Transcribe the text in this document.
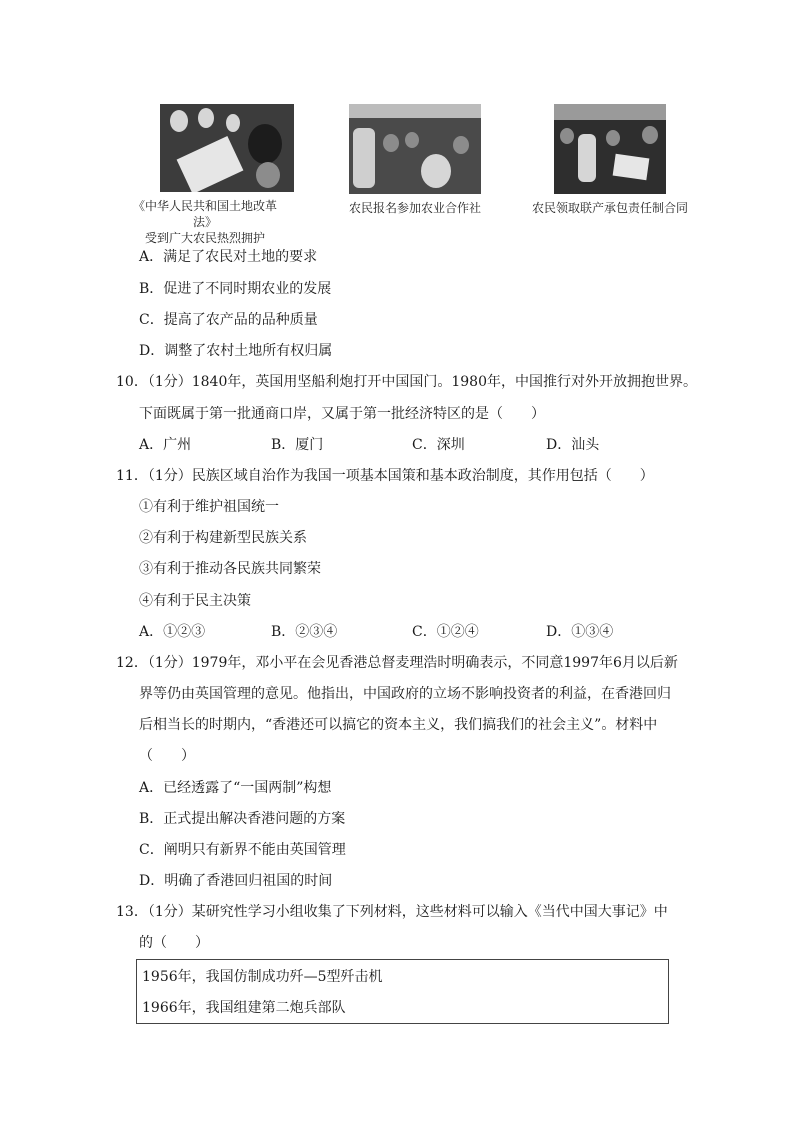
《中华人民共和国土地改革法》
受到广大农民热烈拥护
农民报名参加农业合作社	农民领取联产承包责任制合同
A．满足了农民对土地的要求
B．促进了不同时期农业的发展
C．提高了农产品的品种质量
D．调整了农村土地所有权归属
10．（1分）1840年，英国用坚船利炮打开中国国门。1980年，中国推行对外开放拥抱世界。
下面既属于第一批通商口岸，又属于第一批经济特区的是（　　）
A．广州	B．厦门	C．深圳	D．汕头
11．（1分）民族区域自治作为我国一项基本国策和基本政治制度，其作用包括（　　）
①有利于维护祖国统一
②有利于构建新型民族关系
③有利于推动各民族共同繁荣
④有利于民主决策
A．①②③	B．②③④	C．①②④	D．①③④
12．（1分）1979年，邓小平在会见香港总督麦理浩时明确表示，不同意1997年6月以后新
界等仍由英国管理的意见。他指出，中国政府的立场不影响投资者的利益，在香港回归
后相当长的时期内，“香港还可以搞它的资本主义，我们搞我们的社会主义”。材料中
（　　）
A．已经透露了“一国两制”构想
B．正式提出解决香港问题的方案
C．阐明只有新界不能由英国管理
D．明确了香港回归祖国的时间
13．（1分）某研究性学习小组收集了下列材料，这些材料可以输入《当代中国大事记》中
的（　　）
1956年，我国仿制成功歼—5型歼击机
1966年，我国组建第二炮兵部队
